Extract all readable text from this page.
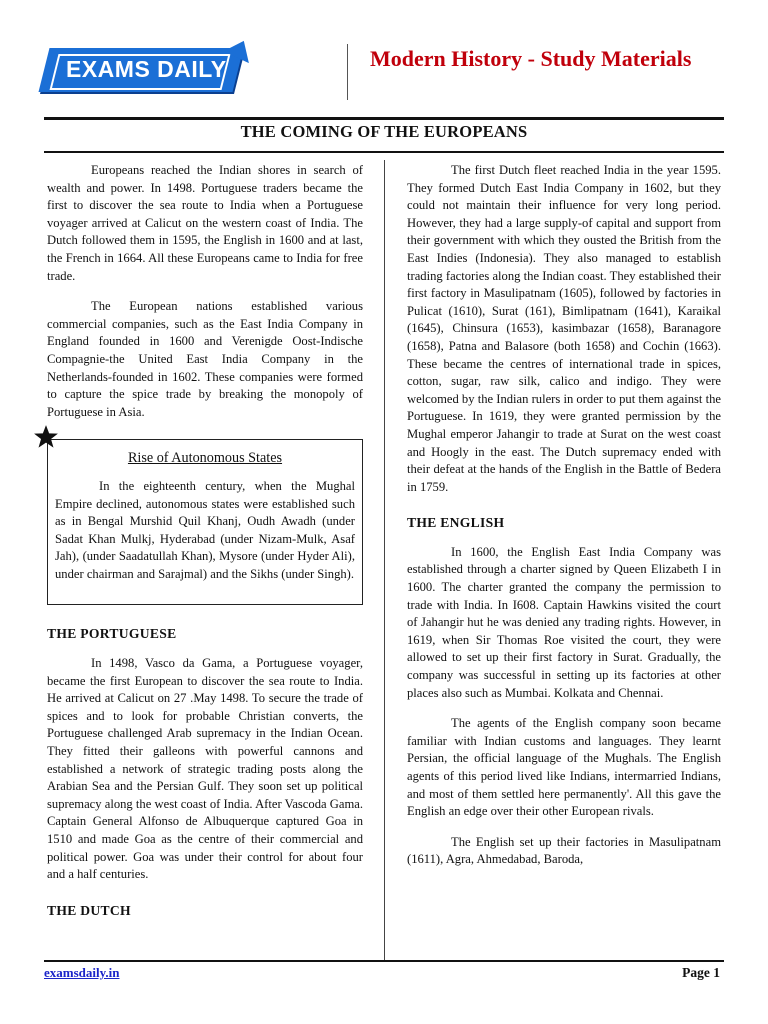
EXAMS DAILY	Modern History - Study Materials
THE COMING OF THE EUROPEANS

Europeans reached the Indian shores in search of wealth and power. In 1498. Portuguese traders became the first to discover the sea route to India when a Portuguese voyager arrived at Calicut on the western coast of India. The Dutch followed them in 1595, the English in 1600 and at last, the French in 1664. All these Europeans came to India for free trade.

The European nations established various commercial companies, such as the East India Company in England founded in 1600 and Verenigde Oost-Indische Compagnie-the United East India Company in the Netherlands-founded in 1602. These companies were formed to capture the spice trade by breaking the monopoly of Portuguese in Asia.

Rise of Autonomous States

In the eighteenth century, when the Mughal Empire declined, autonomous states were established such as in Bengal Murshid Quil Khanj, Oudh Awadh (under Sadat Khan Mulkj, Hyderabad (under Nizam-Mulk, Asaf Jah), (under Saadatullah Khan), Mysore (under Hyder Ali), under chairman and Sarajmal) and the Sikhs (under Singh).

THE PORTUGUESE

In 1498, Vasco da Gama, a Portuguese voyager, became the first European to discover the sea route to India. He arrived at Calicut on 27 .May 1498. To secure the trade of spices and to look for probable Christian converts, the Portuguese challenged Arab supremacy in the Indian Ocean. They fitted their galleons with powerful cannons and established a network of strategic trading posts along the Arabian Sea and the Persian Gulf. They soon set up political supremacy along the west coast of India. After Vascoda Gama. Captain General Alfonso de Albuquerque captured Goa in 1510 and made Goa as the centre of their commercial and political power. Goa was under their control for about four and a half centuries.

THE DUTCH

The first Dutch fleet reached India in the year 1595. They formed Dutch East India Company in 1602, but they could not maintain their influence for very long period. However, they had a large supply-of capital and support from their government with which they ousted the British from the East Indies (Indonesia). They also managed to establish trading factories along the Indian coast. They established their first factory in Masulipatnam (1605), followed by factories in Pulicat (1610), Surat (161), Bimlipatnam (1641), Karaikal (1645), Chinsura (1653), kasimbazar (1658), Baranagore (1658), Patna and Balasore (both 1658) and Cochin (1663). These became the centres of international trade in spices, cotton, sugar, raw silk, calico and indigo. They were welcomed by the Indian rulers in order to put them against the Portuguese. In 1619, they were granted permission by the Mughal emperor Jahangir to trade at Surat on the west coast and Hoogly in the east. The Dutch supremacy ended with their defeat at the hands of the English in the Battle of Bedera in 1759.

THE ENGLISH

In 1600, the English East India Company was established through a charter signed by Queen Elizabeth I in 1600. The charter granted the company the permission to trade with India. In I608. Captain Hawkins visited the court of Jahangir hut he was denied any trading rights. However, in 1619, when Sir Thomas Roe visited the court, they were allowed to set up their first factory in Surat. Gradually, the company was successful in setting up its factories at other places also such as Mumbai. Kolkata and Chennai.

The agents of the English company soon became familiar with Indian customs and languages. They learnt Persian, the official language of the Mughals. The English agents of this period lived like Indians, intermarried Indians, and most of them settled here permanently'. All this gave the English an edge over their other European rivals.

The English set up their factories in Masulipatnam (1611), Agra, Ahmedabad, Baroda,

examsdaily.in	Page 1
